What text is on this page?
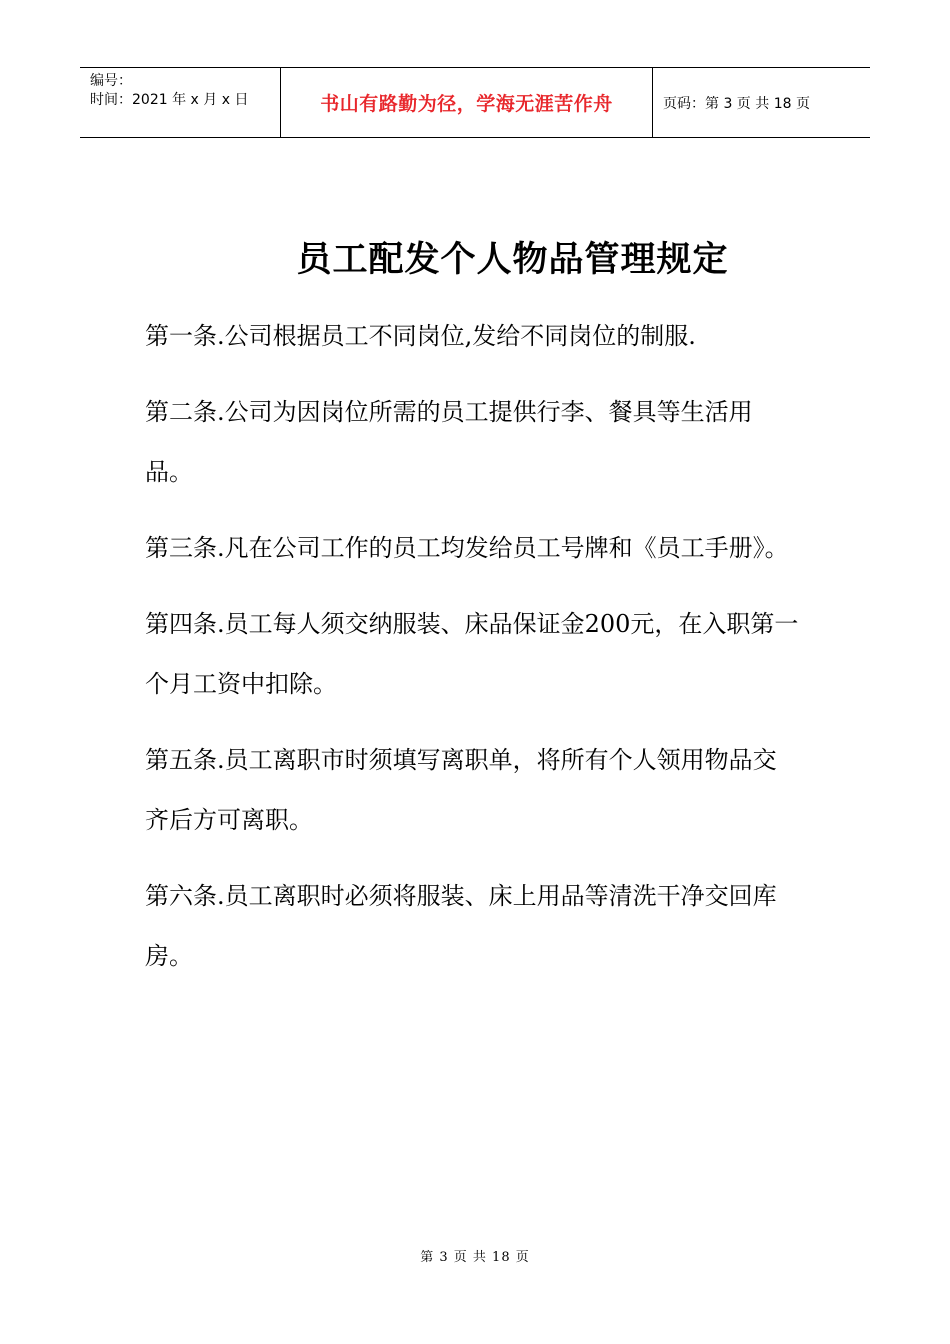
编号：
时间：2021 年 x 月 x 日	书山有路勤为径，学海无涯苦作舟	页码：第 3 页 共 18 页
员工配发个人物品管理规定

第一条.公司根据员工不同岗位,发给不同岗位的制服.

第二条.公司为因岗位所需的员工提供行李、餐具等生活用品。

第三条.凡在公司工作的员工均发给员工号牌和《员工手册》。

第四条.员工每人须交纳服装、床品保证金200元，在入职第一个月工资中扣除。

第五条.员工离职市时须填写离职单，将所有个人领用物品交齐后方可离职。

第六条.员工离职时必须将服装、床上用品等清洗干净交回库房。

第 3 页 共 18 页
